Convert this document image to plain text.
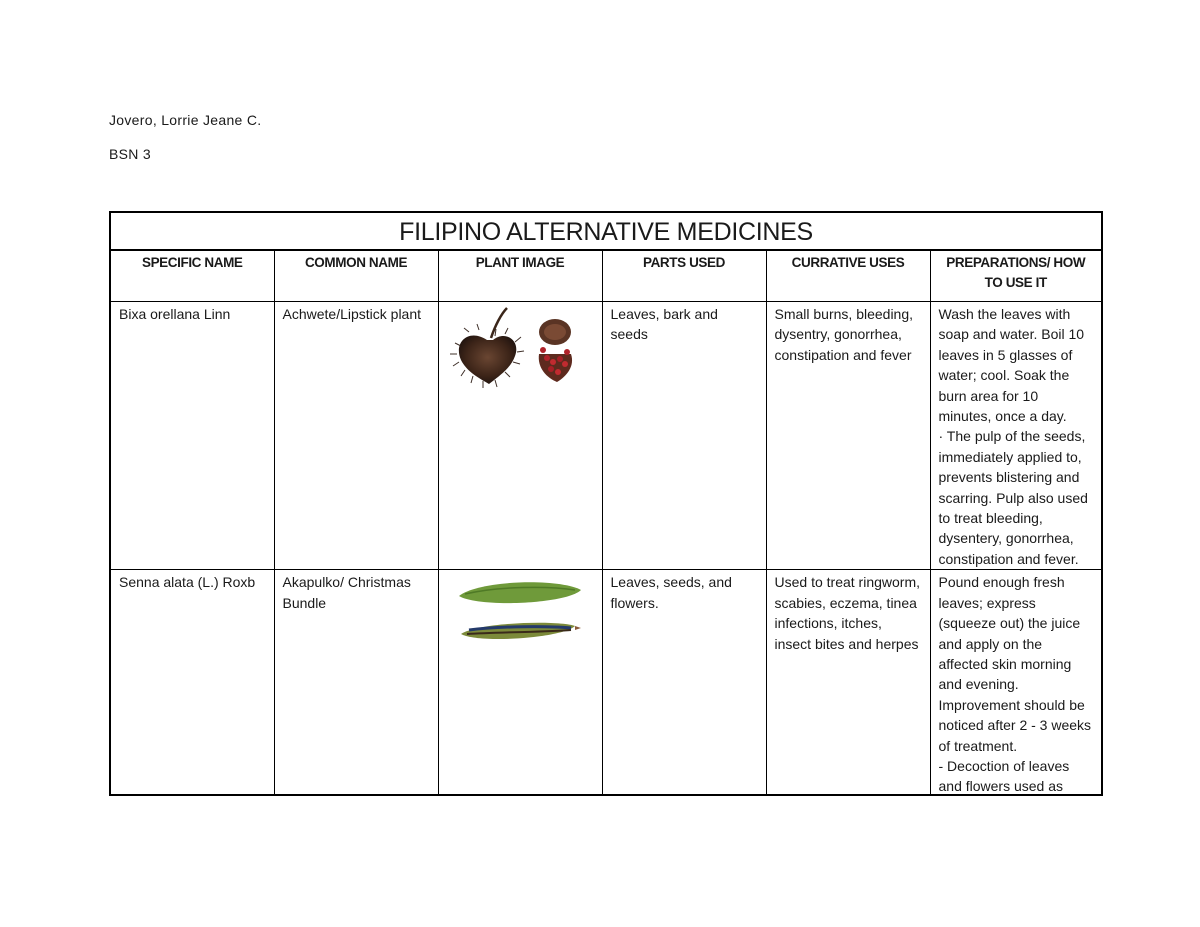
Jovero, Lorrie Jeane C.
BSN 3
FILIPINO ALTERNATIVE MEDICINES					
SPECIFIC NAME	COMMON NAME	PLANT IMAGE	PARTS USED	CURRATIVE USES	PREPARATIONS/ HOW TO USE IT
Bixa orellana Linn	Achwete/Lipstick plant		Leaves, bark and seeds	Small burns, bleeding, dysentry, gonorrhea, constipation and fever	Wash the leaves with soap and water. Boil 10 leaves in 5 glasses of water; cool. Soak the burn area for 10 minutes, once a day.
· The pulp of the seeds, immediately applied to, prevents blistering and scarring. Pulp also used to treat bleeding, dysentery, gonorrhea, constipation and fever.
Senna alata (L.) Roxb	Akapulko/ Christmas Bundle		Leaves, seeds, and flowers.	Used to treat ringworm, scabies, eczema, tinea infections, itches, insect bites and herpes	Pound enough fresh leaves; express (squeeze out) the juice and apply on the affected skin morning and evening. Improvement should be noticed after 2 - 3 weeks of treatment.
- Decoction of leaves and flowers used as
